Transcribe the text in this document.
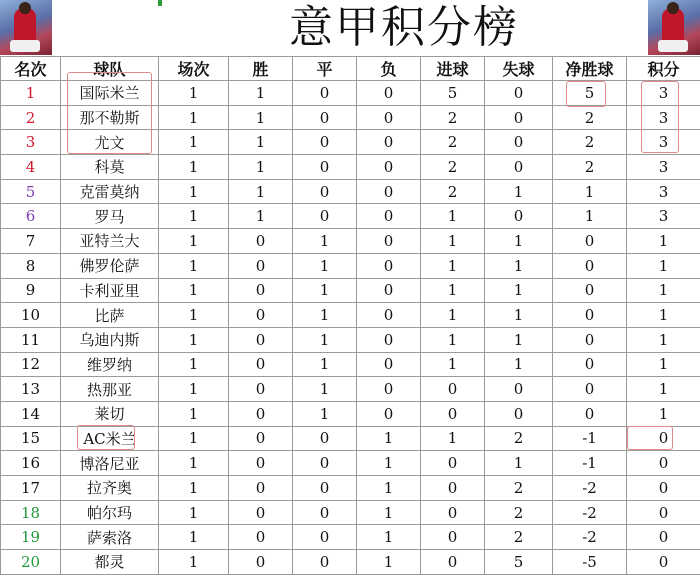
意甲积分榜
名次	球队	场次	胜	平	负	进球	失球	净胜球	积分
1	国际米兰	1	1	0	0	5	0	5	3
2	那不勒斯	1	1	0	0	2	0	2	3
3	尤文	1	1	0	0	2	0	2	3
4	科莫	1	1	0	0	2	0	2	3
5	克雷莫纳	1	1	0	0	2	1	1	3
6	罗马	1	1	0	0	1	0	1	3
7	亚特兰大	1	0	1	0	1	1	0	1
8	佛罗伦萨	1	0	1	0	1	1	0	1
9	卡利亚里	1	0	1	0	1	1	0	1
10	比萨	1	0	1	0	1	1	0	1
11	乌迪内斯	1	0	1	0	1	1	0	1
12	维罗纳	1	0	1	0	1	1	0	1
13	热那亚	1	0	1	0	0	0	0	1
14	莱切	1	0	1	0	0	0	0	1
15	AC米兰	1	0	0	1	1	2	-1	0
16	博洛尼亚	1	0	0	1	0	1	-1	0
17	拉齐奥	1	0	0	1	0	2	-2	0
18	帕尔玛	1	0	0	1	0	2	-2	0
19	萨索洛	1	0	0	1	0	2	-2	0
20	都灵	1	0	0	1	0	5	-5	0
